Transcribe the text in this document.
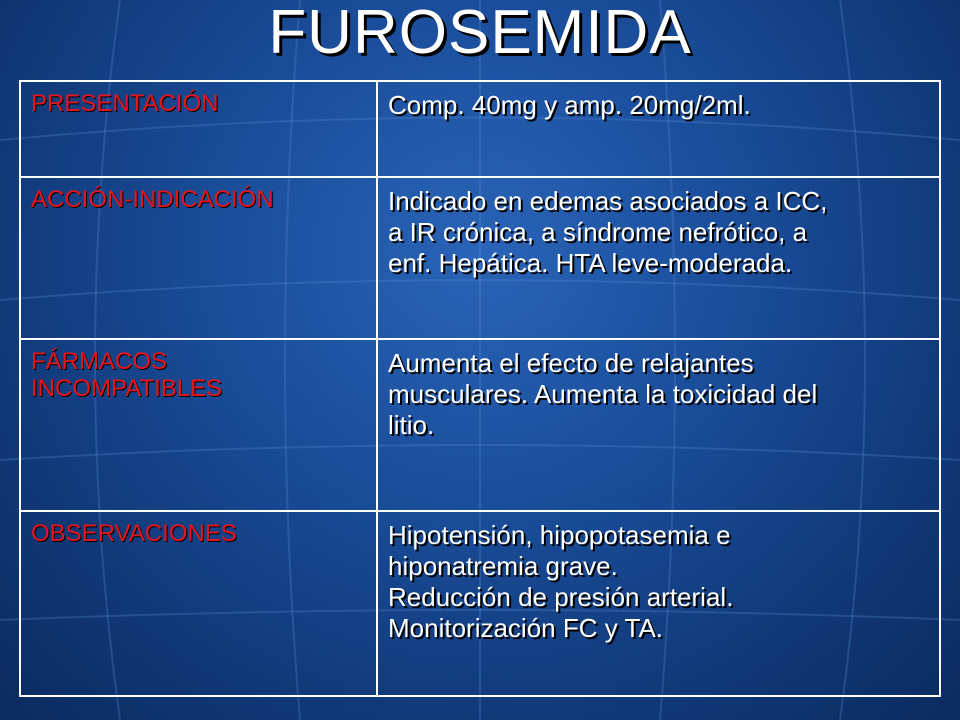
FUROSEMIDA
PRESENTACIÓN	Comp. 40mg y amp. 20mg/2ml.

ACCIÓN-INDICACIÓN	Indicado en edemas asociados a ICC,
a IR crónica, a síndrome nefrótico, a
enf. Hepática. HTA leve-moderada.

FÁRMACOS
INCOMPATIBLES	Aumenta el efecto de relajantes
musculares. Aumenta la toxicidad del
litio.

OBSERVACIONES	Hipotensión, hipopotasemia e
hiponatremia grave.
Reducción de presión arterial.
Monitorización FC y TA.
